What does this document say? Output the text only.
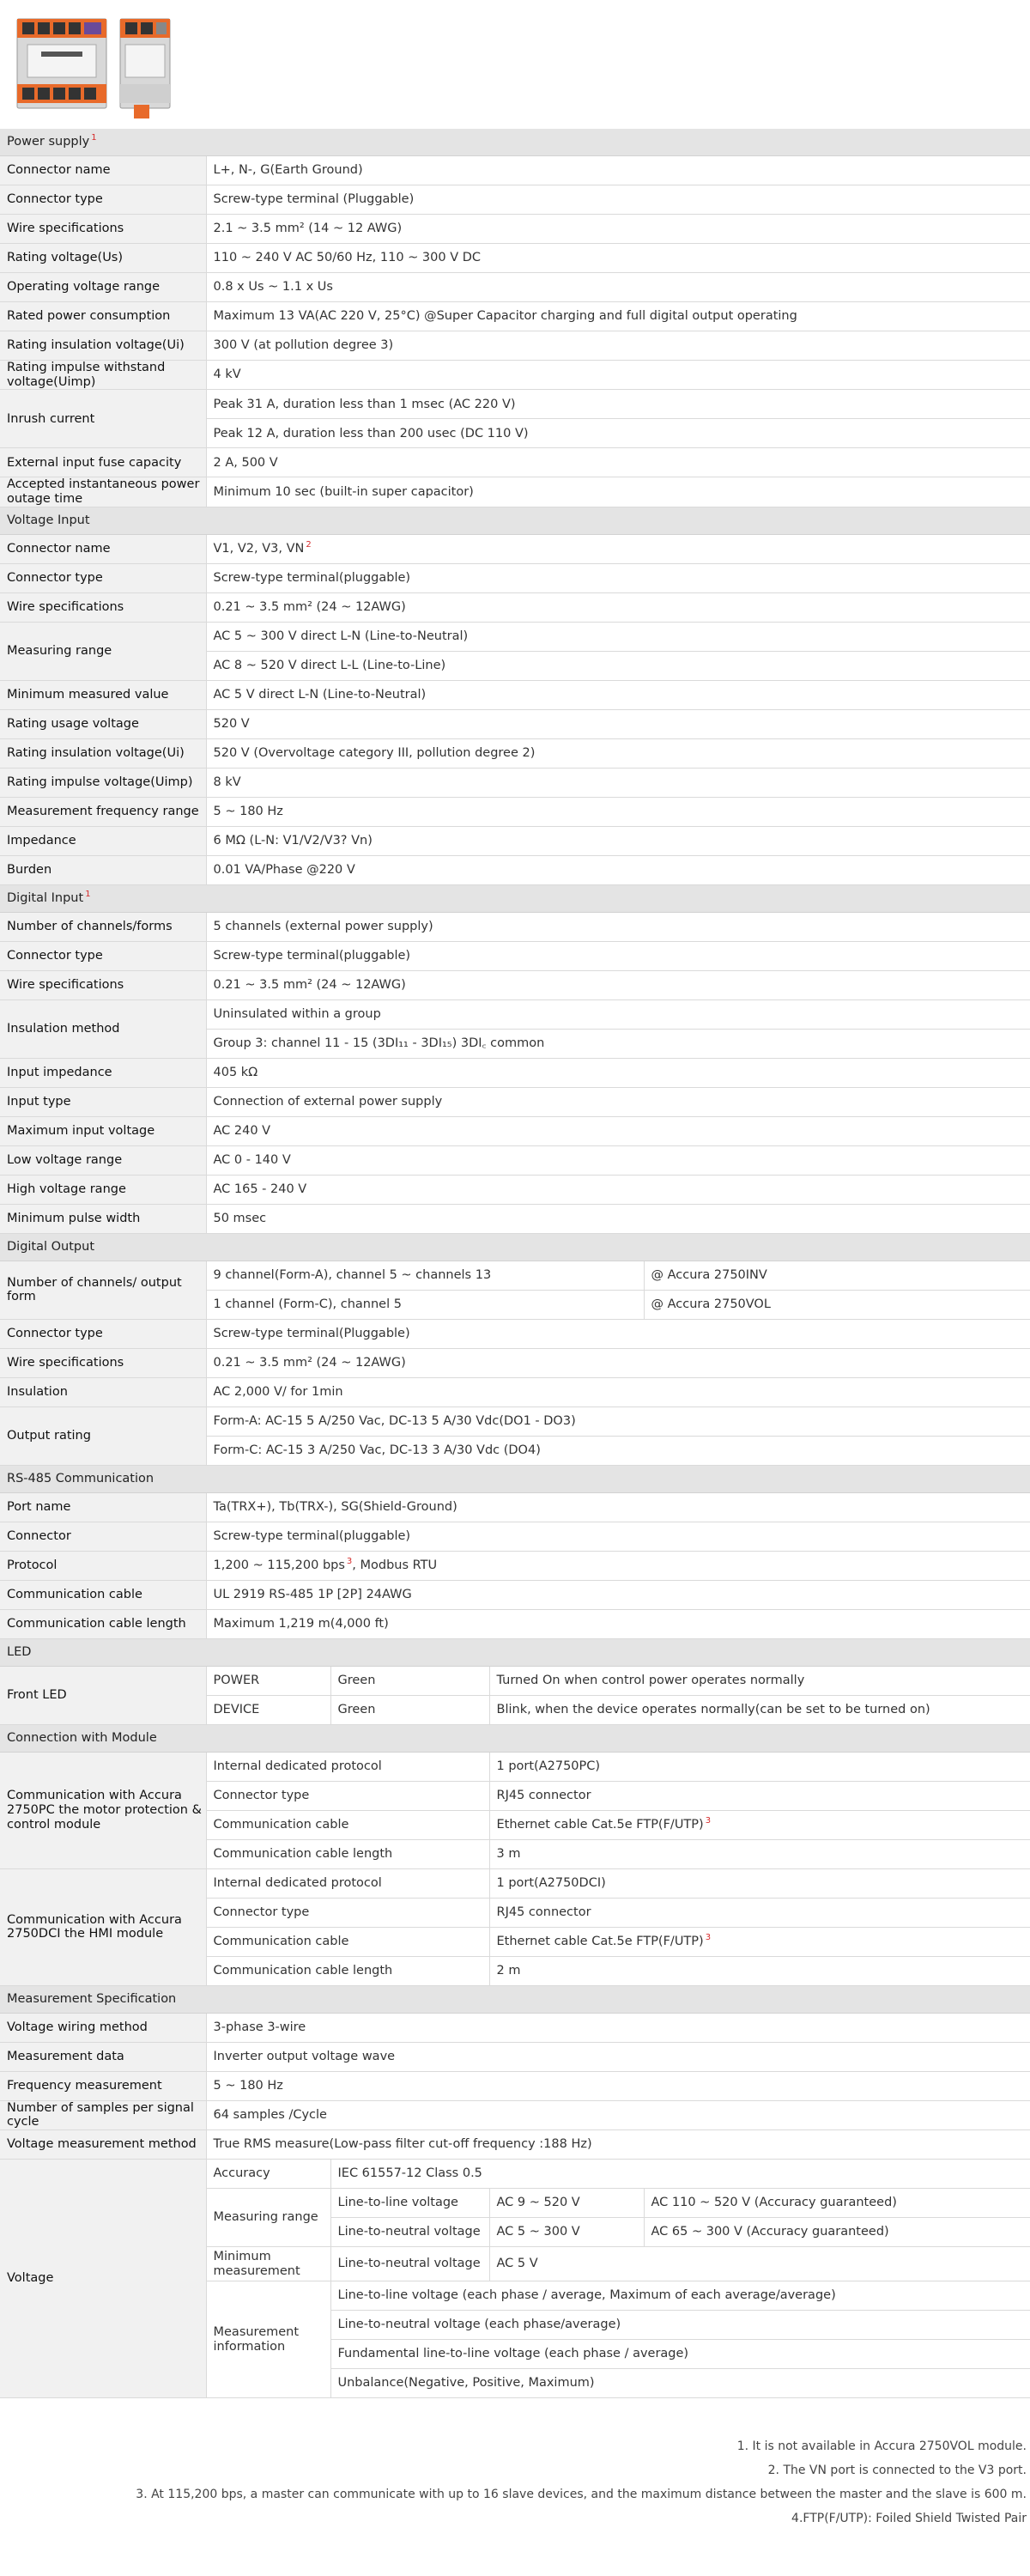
Power supply $^1$
Connector name	L+, N-, G(Earth Ground)			
Connector type	Screw-type terminal (Pluggable)			
Wire specifications	2.1 ~ 3.5 mm² (14 ~ 12 AWG)			
Rating voltage(Us)	110 ~ 240 V AC 50/60 Hz, 110 ~ 300 V DC			
Operating voltage range	0.8 x Us ~ 1.1 x Us			
Rated power consumption	Maximum 13 VA(AC 220 V, 25°C) @Super Capacitor charging and full digital output operating			
Rating insulation voltage(Ui)	300 V (at pollution degree 3)			
Rating impulse withstand voltage(Uimp)	4 kV			
Inrush current	Peak 31 A, duration less than 1 msec (AC 220 V)			
	Peak 12 A, duration less than 200 usec (DC 110 V)			
External input fuse capacity	2 A, 500 V			
Accepted instantaneous power outage time	Minimum 10 sec (built-in super capacitor)			
Voltage Input				
Connector name	V1, V2, V3, VN $^2$
Connector type	Screw-type terminal(pluggable)			
Wire specifications	0.21 ~ 3.5 mm² (24 ~ 12AWG)			
Measuring range	AC 5 ~ 300 V direct L-N (Line-to-Neutral)			
	AC 8 ~ 520 V direct L-L (Line-to-Line)			
Minimum measured value	AC 5 V direct L-N (Line-to-Neutral)			
Rating usage voltage	520 V			
Rating insulation voltage(Ui)	520 V (Overvoltage category III, pollution degree 2)			
Rating impulse voltage(Uimp)	8 kV			
Measurement frequency range	5 ~ 180 Hz			
Impedance	6 MΩ (L-N: V1/V2/V3? Vn)			
Burden	0.01 VA/Phase @220 V			
Digital Input $^1$
Number of channels/forms	5 channels (external power supply)			
Connector type	Screw-type terminal(pluggable)			
Wire specifications	0.21 ~ 3.5 mm² (24 ~ 12AWG)			
Insulation method	Uninsulated within a group			
	Group 3: channel 11 - 15 (3DI₁₁ - 3DI₁₅) 3DI꜀ common			
Input impedance	405 kΩ			
Input type	Connection of external power supply			
Maximum input voltage	AC 240 V			
Low voltage range	AC 0 - 140 V			
High voltage range	AC 165 - 240 V			
Minimum pulse width	50 msec			
Digital Output				
Number of channels/ output form	9 channel(Form-A), channel 5 ~ channels 13			@ Accura 2750INV
	1 channel (Form-C), channel 5			@ Accura 2750VOL
Connector type	Screw-type terminal(Pluggable)			
Wire specifications	0.21 ~ 3.5 mm² (24 ~ 12AWG)			
Insulation	AC 2,000 V/ for 1min			
Output rating	Form-A: AC-15 5 A/250 Vac, DC-13 5 A/30 Vdc(DO1 - DO3)			
	Form-C: AC-15 3 A/250 Vac, DC-13 3 A/30 Vdc (DO4)			
RS-485 Communication				
Port name	Ta(TRX+), Tb(TRX-), SG(Shield-Ground)			
Connector	Screw-type terminal(pluggable)			
Protocol	1,200 ~ 115,200 bps $^3$, Modbus RTU			
Communication cable	UL 2919 RS-485 1P [2P] 24AWG			
Communication cable length	Maximum 1,219 m(4,000 ft)			
LED				
Front LED	POWER	Green	Turned On when control power operates normally	
	DEVICE	Green	Blink, when the device operates normally(can be set to be turned on)	
Connection with Module				
Communication with Accura 2750PC the motor protection & control module	Internal dedicated protocol		1 port(A2750PC)	
	Connector type		RJ45 connector	
	Communication cable		Ethernet cable Cat.5e FTP(F/UTP) $^3$
	Communication cable length		3 m	
Communication with Accura 2750DCI the HMI module	Internal dedicated protocol		1 port(A2750DCI)	
	Connector type		RJ45 connector	
	Communication cable		Ethernet cable Cat.5e FTP(F/UTP) $^3$
	Communication cable length		2 m	
Measurement Specification				
Voltage wiring method	3-phase 3-wire			
Measurement data	Inverter output voltage wave			
Frequency measurement	5 ~ 180 Hz			
Number of samples per signal cycle	64 samples /Cycle			
Voltage measurement method	True RMS measure(Low-pass filter cut-off frequency :188 Hz)			
Voltage	Accuracy	IEC 61557-12 Class 0.5		
	Measuring range	Line-to-line voltage	AC 9 ~ 520 V	AC 110 ~ 520 V (Accuracy guaranteed)
		Line-to-neutral voltage	AC 5 ~ 300 V	AC 65 ~ 300 V (Accuracy guaranteed)
	Minimum measurement	Line-to-neutral voltage	AC 5 V	
	Measurement information	Line-to-line voltage (each phase / average, Maximum of each average/average)		
		Line-to-neutral voltage (each phase/average)		
		Fundamental line-to-line voltage (each phase / average)		
		Unbalance(Negative, Positive, Maximum)		
1. It is not available in Accura 2750VOL module.
2. The VN port is connected to the V3 port.
3. At 115,200 bps, a master can communicate with up to 16 slave devices, and the maximum distance between the master and the slave is 600 m.
4.FTP(F/UTP): Foiled Shield Twisted Pair
